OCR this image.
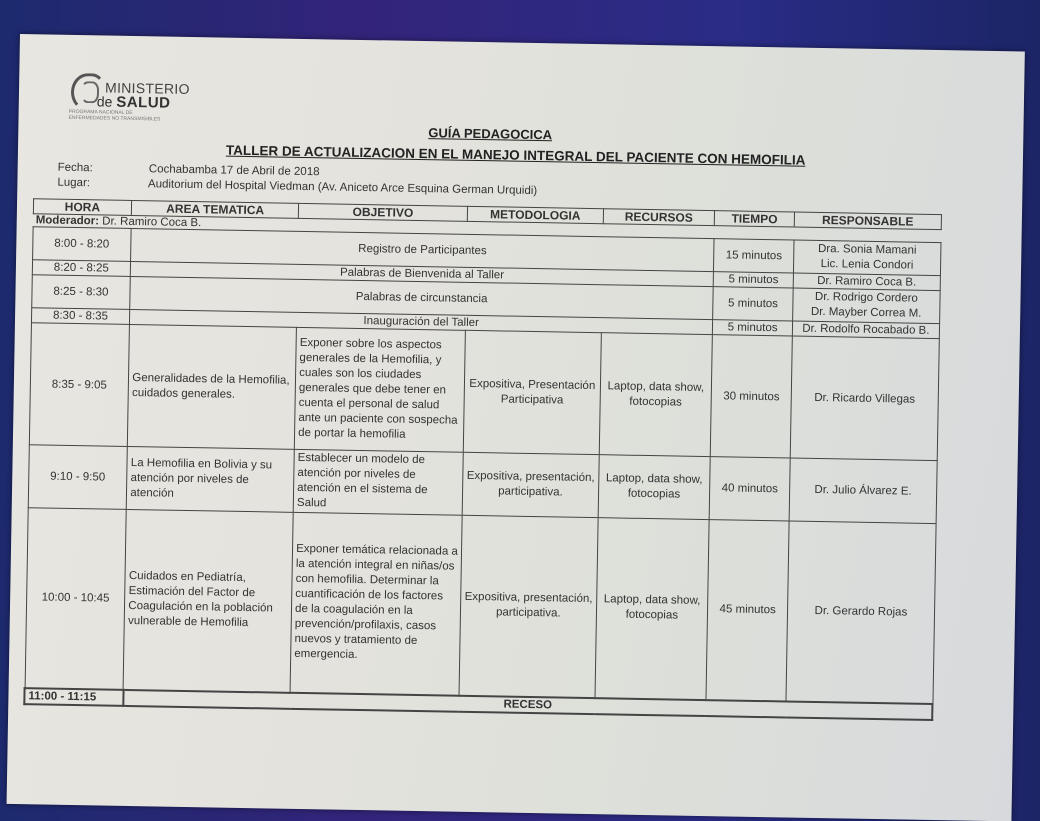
MINISTERIO
de SALUD
PROGRAMA NACIONAL DE
ENFERMEDADES NO TRANSMISIBLES
GUÍA PEDAGOCICA
TALLER DE ACTUALIZACION EN EL MANEJO INTEGRAL DEL PACIENTE CON HEMOFILIA
Fecha:	Cochabamba 17 de Abril de 2018
Lugar:	Auditorium del Hospital Viedman (Av. Aniceto Arce Esquina German Urquidi)
HORA	AREA TEMATICA	OBJETIVO	METODOLOGIA	RECURSOS	TIEMPO	RESPONSABLE
Moderador: Dr. Ramiro Coca B.						
8:00 - 8:20	Registro de Participantes				15 minutos	Dra. Sonia Mamani
Lic. Lenia Condori

8:20 - 8:25	Palabras de Bienvenida al Taller				5 minutos	Dr. Ramiro Coca B.
8:25 - 8:30	Palabras de circunstancia				5 minutos	Dr. Rodrigo Cordero
Dr. Mayber Correa M.

8:30 - 8:35	Inauguración del Taller				5 minutos	Dr. Rodolfo Rocabado B.
8:35 - 9:05	Generalidades de la Hemofilia, cuidados generales.	Exponer sobre los aspectos generales de la Hemofilia, y cuales son los ciudades generales que debe tener en cuenta el personal de salud ante un paciente con sospecha de portar la hemofilia	Expositiva, Presentación Participativa	Laptop, data show, fotocopias	30 minutos	Dr. Ricardo Villegas
9:10 - 9:50	La Hemofilia en Bolivia y su atención por niveles de atención	Establecer un modelo de atención por niveles de atención en el sistema de Salud	Expositiva, presentación, participativa.	Laptop, data show, fotocopias	40 minutos	Dr. Julio Álvarez E.
10:00 - 10:45	Cuidados en Pediatría, Estimación del Factor de Coagulación en la población vulnerable de Hemofilia	Exponer temática relacionada a la atención integral en niñas/os con hemofilia. Determinar la cuantificación de los factores de la coagulación en la prevención/profilaxis, casos nuevos y tratamiento de emergencia.	Expositiva, presentación, participativa.	Laptop, data show, fotocopias	45 minutos	Dr. Gerardo Rojas
11:00 - 11:15	RECESO					
